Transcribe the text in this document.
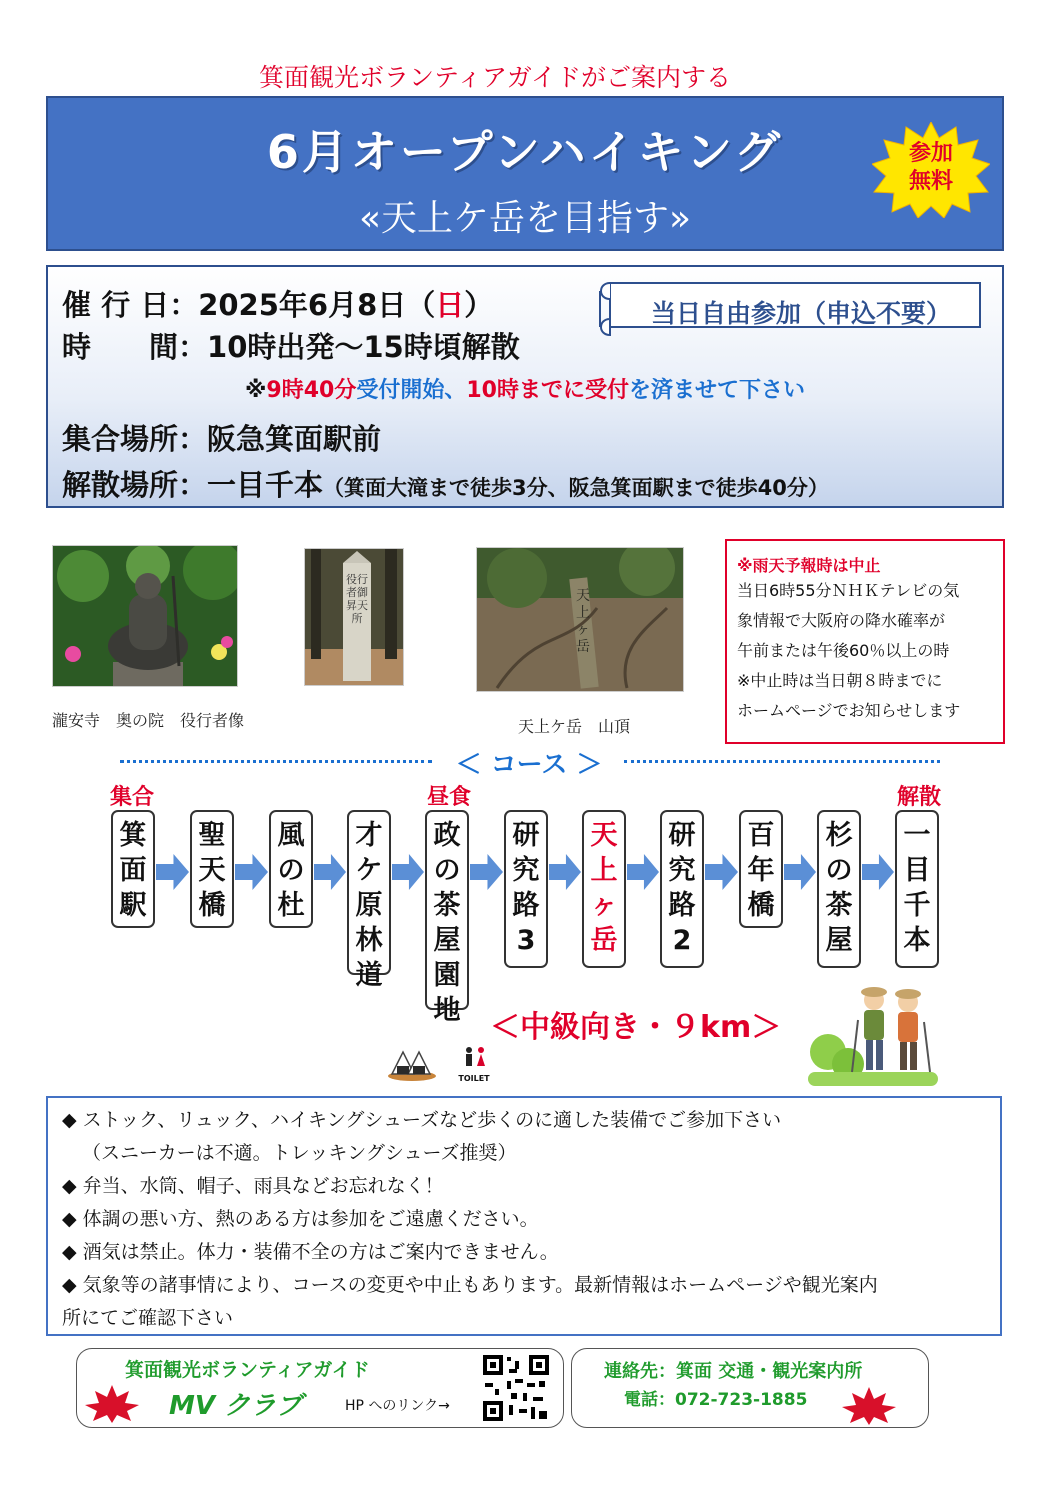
箕面観光ボランティアガイドがご案内する
6月オープンハイキング
«天上ケ岳を目指す»
参加
無料
催 行 日：2025年6月8日（日）
時　　間：10時出発～15時頃解散
当日自由参加（申込不要）
※9時40分受付開始、10時までに受付を済ませて下さい
集合場所：阪急箕面駅前
解散場所：一目千本（箕面大滝まで徒歩3分、阪急箕面駅まで徒歩40分）
瀧安寺　奥の院　役行者像
役行者御昇天所
天上ヶ岳
天上ケ岳　山頂
※雨天予報時は中止
当日6時55分ＮＨＫテレビの気
象情報で大阪府の降水確率が
午前または午後60％以上の時
※中止時は当日朝８時までに
ホームページでお知らせします
＜ コース ＞
集合	昼食	解散
箕面駅
聖天橋
風の杜
才ケ原林道
政の茶屋園地
研究路3
天上ヶ岳
研究路2
百年橋
杉の茶屋
一目千本
＜中級向き・９km＞
TOILET
◆ ストック、リュック、ハイキングシューズなど歩くのに適した装備でご参加下さい
（スニーカーは不適。トレッキングシューズ推奨）
◆ 弁当、水筒、帽子、雨具などお忘れなく！
◆ 体調の悪い方、熱のある方は参加をご遠慮ください。
◆ 酒気は禁止。体力・装備不全の方はご案内できません。
◆ 気象等の諸事情により、コースの変更や中止もあります。最新情報はホームページや観光案内
所にてご確認下さい
箕面観光ボランティアガイド
MV クラブ	HP へのリンク→
連絡先：箕面 交通・観光案内所
電話：072-723-1885
